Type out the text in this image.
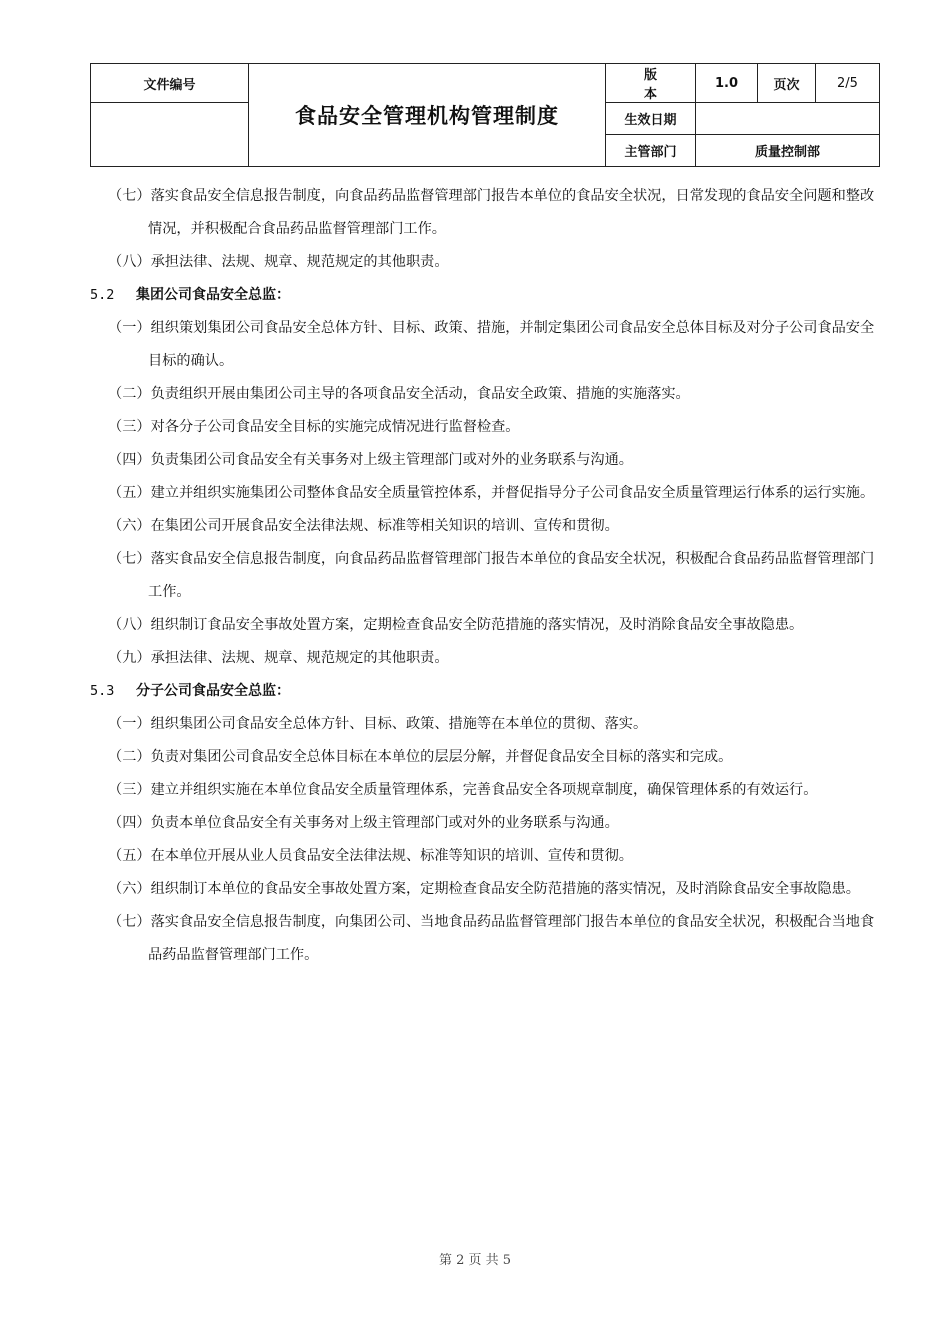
文件编号	食品安全管理机构管理制度	版本	1.0	页次	2/5
		生效日期			
		主管部门	质量控制部		

（七）落实食品安全信息报告制度，向食品药品监督管理部门报告本单位的食品安全状况，日常发现的食品安全问题和整改情况，并积极配合食品药品监督管理部门工作。

（八）承担法律、法规、规章、规范规定的其他职责。

5.2 集团公司食品安全总监：

（一）组织策划集团公司食品安全总体方针、目标、政策、措施，并制定集团公司食品安全总体目标及对分子公司食品安全目标的确认。

（二）负责组织开展由集团公司主导的各项食品安全活动，食品安全政策、措施的实施落实。

（三）对各分子公司食品安全目标的实施完成情况进行监督检查。

（四）负责集团公司食品安全有关事务对上级主管理部门或对外的业务联系与沟通。

（五）建立并组织实施集团公司整体食品安全质量管控体系，并督促指导分子公司食品安全质量管理运行体系的运行实施。

（六）在集团公司开展食品安全法律法规、标准等相关知识的培训、宣传和贯彻。

（七）落实食品安全信息报告制度，向食品药品监督管理部门报告本单位的食品安全状况，积极配合食品药品监督管理部门工作。

（八）组织制订食品安全事故处置方案，定期检查食品安全防范措施的落实情况，及时消除食品安全事故隐患。

（九）承担法律、法规、规章、规范规定的其他职责。

5.3 分子公司食品安全总监：

（一）组织集团公司食品安全总体方针、目标、政策、措施等在本单位的贯彻、落实。

（二）负责对集团公司食品安全总体目标在本单位的层层分解，并督促食品安全目标的落实和完成。

（三）建立并组织实施在本单位食品安全质量管理体系，完善食品安全各项规章制度，确保管理体系的有效运行。

（四）负责本单位食品安全有关事务对上级主管理部门或对外的业务联系与沟通。

（五）在本单位开展从业人员食品安全法律法规、标准等知识的培训、宣传和贯彻。

（六）组织制订本单位的食品安全事故处置方案，定期检查食品安全防范措施的落实情况，及时消除食品安全事故隐患。

（七）落实食品安全信息报告制度，向集团公司、当地食品药品监督管理部门报告本单位的食品安全状况，积极配合当地食品药品监督管理部门工作。

第 2 页 共 5
